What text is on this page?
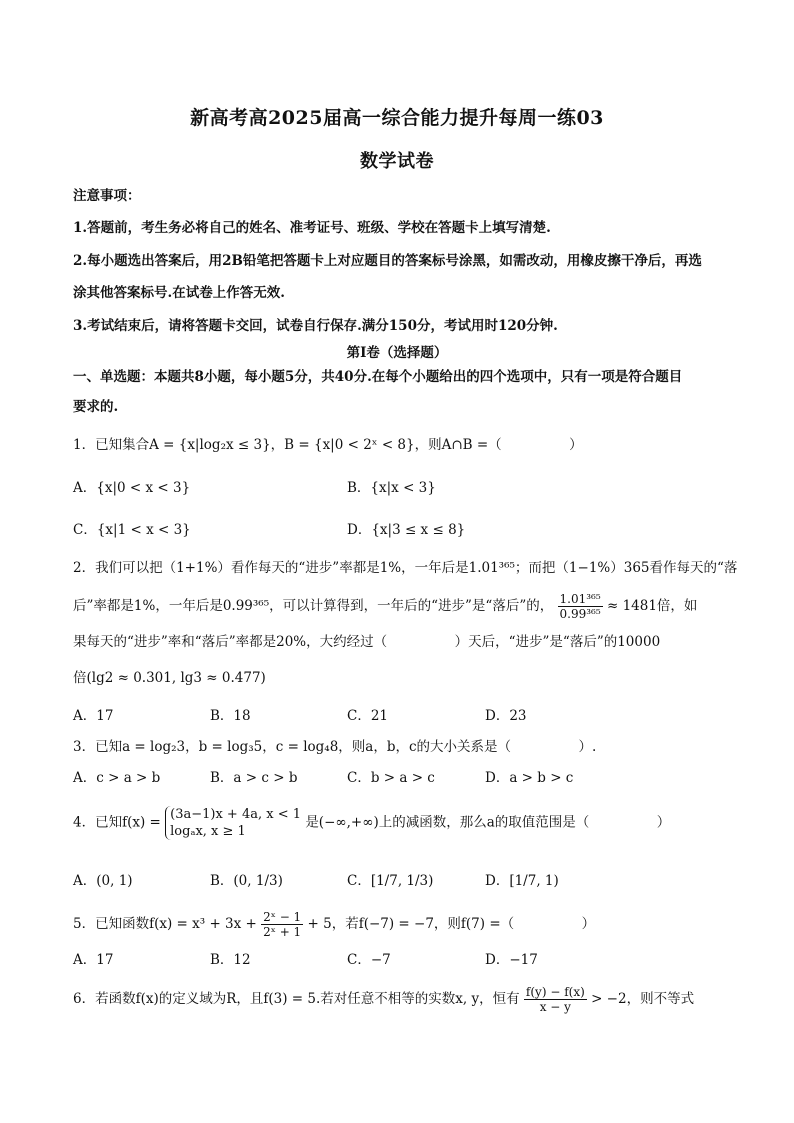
新高考高2025届高一综合能力提升每周一练03
数学试卷
注意事项：
1.答题前，考生务必将自己的姓名、准考证号、班级、学校在答题卡上填写清楚.
2.每小题选出答案后，用2B铅笔把答题卡上对应题目的答案标号涂黑，如需改动，用橡皮擦干净后，再选
涂其他答案标号.在试卷上作答无效.
3.考试结束后，请将答题卡交回，试卷自行保存.满分150分，考试用时120分钟.
第Ⅰ卷（选择题）
一、单选题：本题共8小题，每小题5分，共40分.在每个小题给出的四个选项中，只有一项是符合题目
要求的.
1．已知集合A = {x|log₂x ≤ 3}，B = {x|0 < 2ˣ < 8}，则A∩B =（　　　　　）
A．{x|0 < x < 3}	B．{x|x < 3}
C．{x|1 < x < 3}	D．{x|3 ≤ x ≤ 8}
2．我们可以把（1+1%）看作每天的“进步”率都是1%，一年后是1.01³⁶⁵；而把（1−1%）365看作每天的“落
后”率都是1%，一年后是0.99³⁶⁵，可以计算得到，一年后的“进步”是“落后”的， $\frac{\text{1.01³⁶⁵}}{\text{0.99³⁶⁵}} \approx 1481$倍，如
果每天的“进步”率和“落后”率都是20%，大约经过（　　　　　）天后，“进步”是“落后”的10000
倍(lg2 ≈ 0.301, lg3 ≈ 0.477)
A．17	B．18	C．21	D．23
3．已知a = log₂3，b = log₃5，c = log₄8，则a，b，c的大小关系是（　　　　　）.
A．c > a > b	B．a > c > b	C．b > a > c	D．a > b > c
4．已知f(x) = (3a−1)x + 4a, x < 1
logₐx, x ≥ 1
是(−∞,+∞)上的减函数，那么a的取值范围是（　　　　　）
A．(0, 1)	B．(0, 1/3)	C．[1/7, 1/3)	D．[1/7, 1)
5．已知函数$f(x) = x^3 + 3x + \frac{\text{2ˣ − 1}}{\text{2ˣ + 1}} + 5$，若f(−7) = −7，则f(7) =（　　　　　）
A．17	B．12	C．−7	D．−17
6．若函数f(x)的定义域为R，且f(3) = 5.若对任意不相等的实数x, y，恒有 $\frac{f(y) - f(x)}{x - y} > -2$，则不等式
